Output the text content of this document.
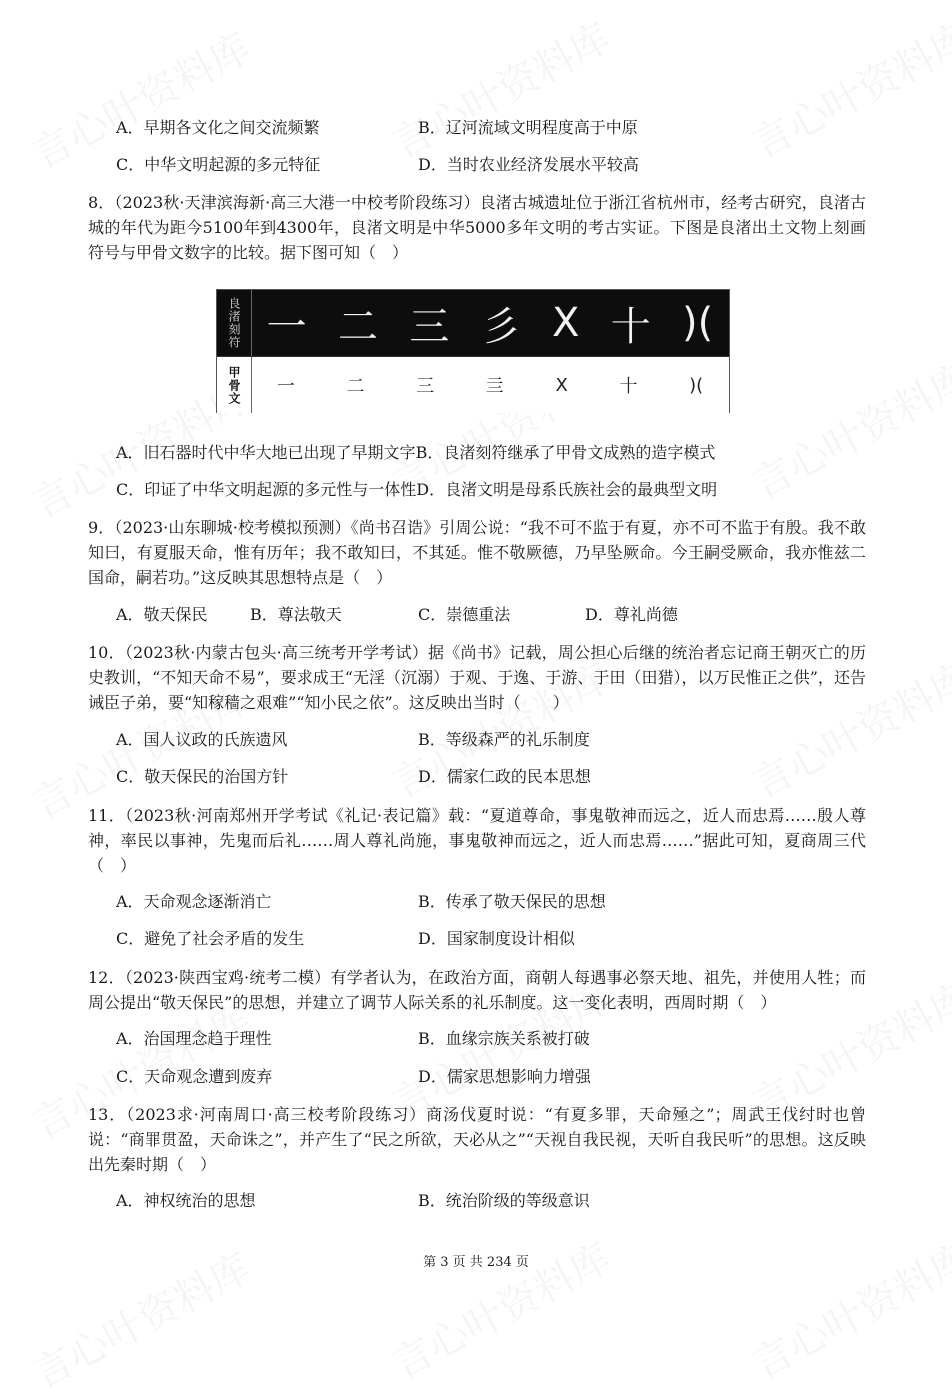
A．早期各文化之间交流频繁	B．辽河流域文明程度高于中原
C．中华文明起源的多元特征	D．当时农业经济发展水平较高
8．（2023秋·天津滨海新·高三大港一中校考阶段练习）良渚古城遗址位于浙江省杭州市，经考古研究，良渚古城的年代为距今5100年到4300年，良渚文明是中华5000多年文明的考古实证。下图是良渚出土文物上刻画符号与甲骨文数字的比较。据下图可知（　）
良渚刻符 一 二 三 彡 X 十 )(
甲骨文	一	二	三	亖	X	十	)(
A．旧石器时代中华大地已出现了早期文字B．良渚刻符继承了甲骨文成熟的造字模式
C．印证了中华文明起源的多元性与一体性D．良渚文明是母系氏族社会的最典型文明
9．（2023·山东聊城·校考模拟预测）《尚书召诰》引周公说：“我不可不监于有夏，亦不可不监于有殷。我不敢知曰，有夏服天命，惟有历年；我不敢知曰，不其延。惟不敬厥德，乃早坠厥命。今王嗣受厥命，我亦惟兹二国命，嗣若功。”这反映其思想特点是（　）
A．敬天保民	B．尊法敬天	C．崇德重法	D．尊礼尚德
10．（2023秋·内蒙古包头·高三统考开学考试）据《尚书》记载，周公担心后继的统治者忘记商王朝灭亡的历史教训，“不知天命不易”，要求成王“无淫（沉溺）于观、于逸、于游、于田（田猎），以万民惟正之供”，还告诫臣子弟，要“知稼穑之艰难”“知小民之依”。这反映出当时（　　）
A．国人议政的氏族遗风	B．等级森严的礼乐制度
C．敬天保民的治国方针	D．儒家仁政的民本思想
11．（2023秋·河南郑州开学考试《礼记·表记篇》载：“夏道尊命，事鬼敬神而远之，近人而忠焉……殷人尊神，率民以事神，先鬼而后礼……周人尊礼尚施，事鬼敬神而远之，近人而忠焉……”据此可知，夏商周三代（　）
A．天命观念逐渐消亡	B．传承了敬天保民的思想
C．避免了社会矛盾的发生	D．国家制度设计相似
12．（2023·陕西宝鸡·统考二模）有学者认为，在政治方面，商朝人每遇事必祭天地、祖先，并使用人牲；而周公提出“敬天保民”的思想，并建立了调节人际关系的礼乐制度。这一变化表明，西周时期（　）
A．治国理念趋于理性	B．血缘宗族关系被打破
C．天命观念遭到废弃	D．儒家思想影响力增强
13．（2023求·河南周口·高三校考阶段练习）商汤伐夏时说：“有夏多罪，天命殛之”；周武王伐纣时也曾说：“商罪贯盈，天命诛之”，并产生了“民之所欲，天必从之”“天视自我民视，天听自我民听”的思想。这反映出先秦时期（　）
A．神权统治的思想	B．统治阶级的等级意识
第 3 页 共 234 页
